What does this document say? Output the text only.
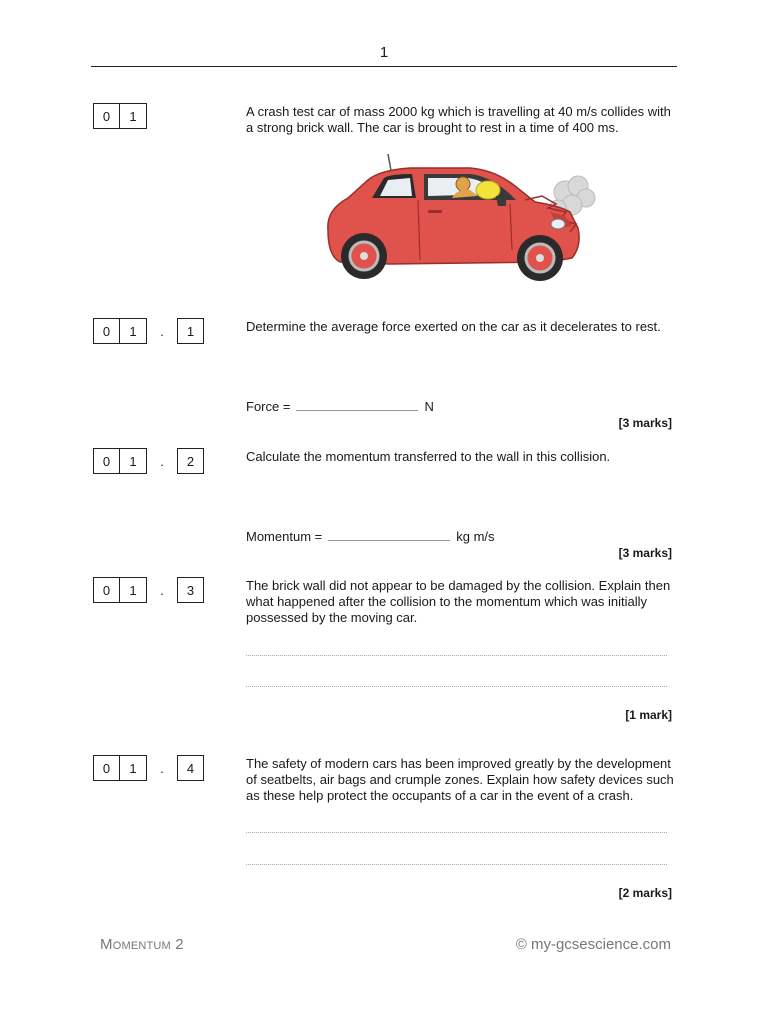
1
0	1	A crash test car of mass 2000 kg which is travelling at 40 m/s collides with a strong brick wall. The car is brought to rest in a time of 400 ms.
0	1	.	1	Determine the average force exerted on the car as it decelerates to rest.
Force =	N
[3 marks]
0	1	.	2	Calculate the momentum transferred to the wall in this collision.
Momentum =	kg m/s
[3 marks]
0	1	.	3	The brick wall did not appear to be damaged by the collision. Explain then what happened after the collision to the momentum which was initially possessed by the moving car.
[1 mark]
0	1	.	4	The safety of modern cars has been improved greatly by the development of seatbelts, air bags and crumple zones. Explain how safety devices such as these help protect the occupants of a car in the event of a crash.
[2 marks]
Momentum 2	© my-gcsescience.com
